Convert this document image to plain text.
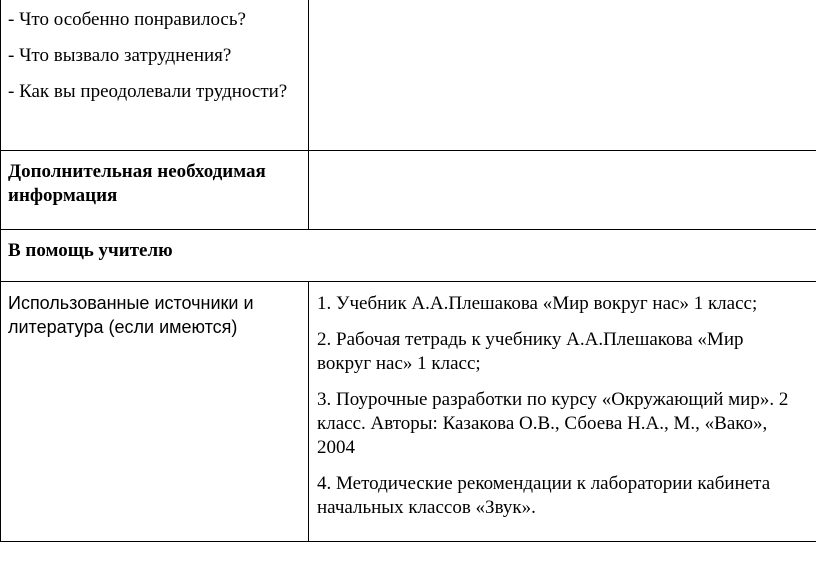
- Что особенно понравилось?

- Что вызвало затруднения?

- Как вы преодолевали трудности?

Дополнительная необходимая информация
В помощь учителю
Использованные источники и литература (если имеются)

1. Учебник А.А.Плешакова «Мир вокруг нас» 1 класс;

2. Рабочая тетрадь к учебнику А.А.Плешакова «Мир вокруг нас» 1 класс;

3. Поурочные разработки по курсу «Окружающий мир». 2 класс. Авторы: Казакова О.В., Сбоева Н.А., М., «Вако», 2004

4. Методические рекомендации к лаборатории кабинета начальных классов «Звук».
